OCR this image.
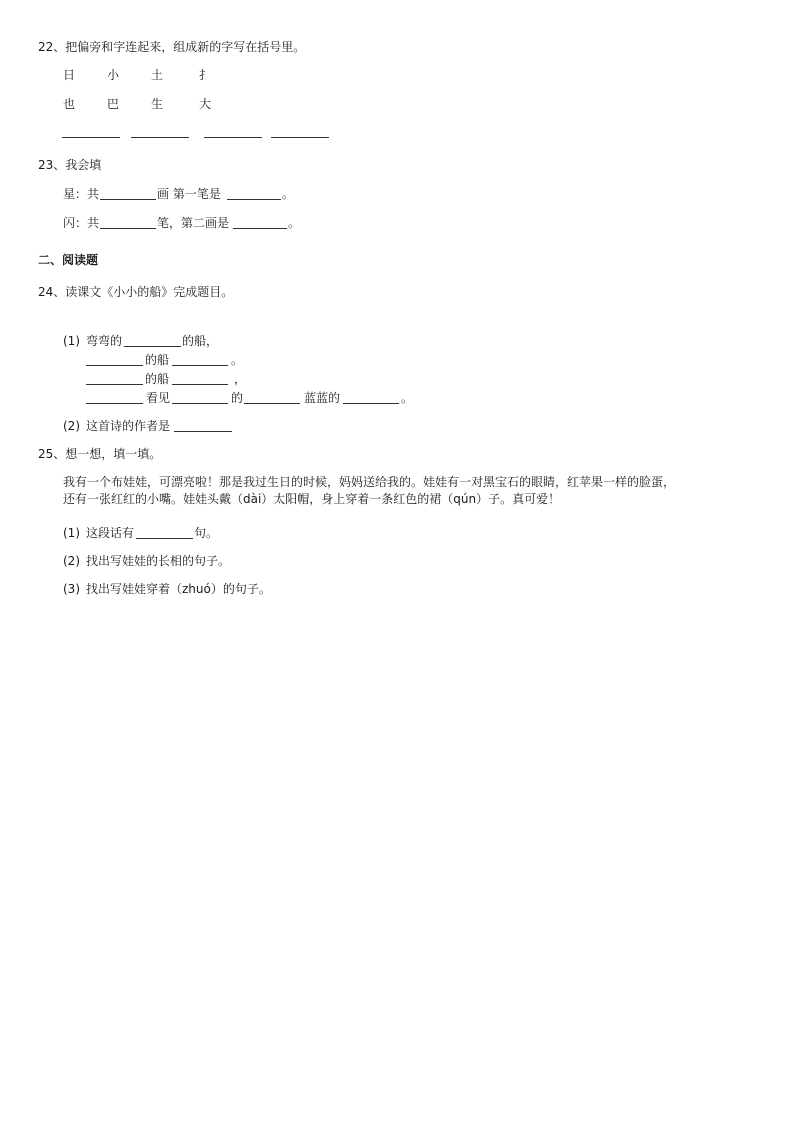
22、把偏旁和字连起来，组成新的字写在括号里。
日	小	土	扌
也	巴	生	大
23、我会填
星：共	画 第一笔是	。
闪：共	笔，第二画是	。
二、阅读题
24、读课文《小小的船》完成题目。
(1) 弯弯的	的船，
的船	。
的船	，
看见	的	蓝蓝的	。
(2) 这首诗的作者是
25、想一想，填一填。
我有一个布娃娃，可漂亮啦！那是我过生日的时候，妈妈送给我的。娃娃有一对黑宝石的眼睛，红苹果一样的脸蛋，
还有一张红红的小嘴。娃娃头戴（dài）太阳帽，身上穿着一条红色的裙（qún）子。真可爱！
(1) 这段话有	句。
(2) 找出写娃娃的长相的句子。
(3) 找出写娃娃穿着（zhuó）的句子。
